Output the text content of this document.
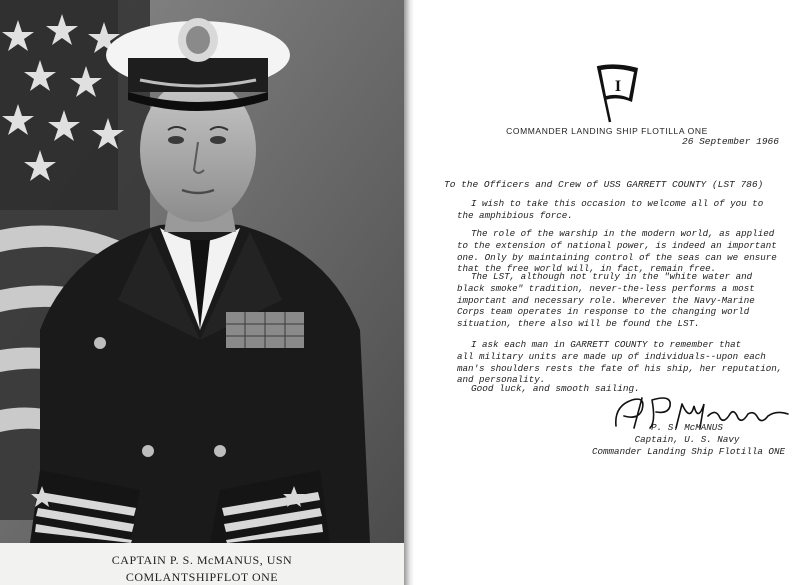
CAPTAIN P. S. McMANUS, USN
COMLANTSHIPFLOT ONE
I
COMMANDER LANDING SHIP FLOTILLA ONE
26 September 1966
To the Officers and Crew of USS GARRETT COUNTY (LST 786)
I wish to take this occasion to welcome all of you to
the amphibious force.
The role of the warship in the modern world, as applied
to the extension of national power, is indeed an important
one. Only by maintaining control of the seas can we ensure
that the free world will, in fact, remain free.
The LST, although not truly in the "white water and
black smoke" tradition, never-the-less performs a most
important and necessary role. Wherever the Navy-Marine
Corps team operates in response to the changing world
situation, there also will be found the LST.
I ask each man in GARRETT COUNTY to remember that
all military units are made up of individuals--upon each
man's shoulders rests the fate of his ship, her reputation,
and personality.
Good luck, and smooth sailing.
P. S. McMANUS
Captain, U. S. Navy
Commander Landing Ship Flotilla ONE
